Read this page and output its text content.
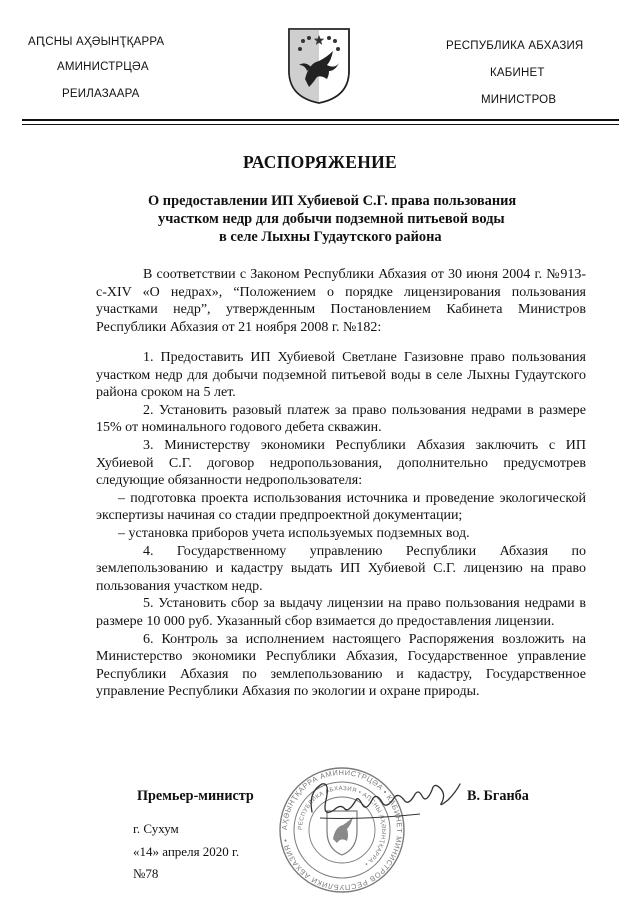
АԤСНЫ АҲӘЫНҬҚАРРА
АМИНИСТРЦӘА
РЕИЛАЗААРА
РЕСПУБЛИКА АБХАЗИЯ
КАБИНЕТ
МИНИСТРОВ
РАСПОРЯЖЕНИЕ
О предоставлении ИП Хубиевой С.Г. права пользования
участком недр для добычи подземной питьевой воды
в селе Лыхны Гудаутского района

В соответствии с Законом Республики Абхазия от 30 июня 2004 г. №913-с-XIV «О недрах», “Положением о порядке лицензирования пользования участками недр”, утвержденным Постановлением Кабинета Министров Республики Абхазия от 21 ноября 2008 г. №182:

1. Предоставить ИП Хубиевой Светлане Газизовне право пользования участком недр для добычи подземной питьевой воды в селе Лыхны Гудаутского района сроком на 5 лет.

2. Установить разовый платеж за право пользования недрами в размере 15% от номинального годового дебета скважин.

3. Министерству экономики Республики Абхазия заключить с ИП Хубиевой С.Г. договор недропользования, дополнительно предусмотрев следующие обязанности недропользователя:

– подготовка проекта использования источника и проведение экологической экспертизы начиная со стадии предпроектной документации;

– установка приборов учета используемых подземных вод.

4. Государственному управлению Республики Абхазия по землепользованию и кадастру выдать ИП Хубиевой С.Г. лицензию на право пользования участком недр.

5. Установить сбор за выдачу лицензии на право пользования недрами в размере 10 000 руб. Указанный сбор взимается до предоставления лицензии.

6. Контроль за исполнением настоящего Распоряжения возложить на Министерство экономики Республики Абхазия, Государственное управление Республики Абхазия по землепользованию и кадастру, Государственное управление Республики Абхазия по экологии и охране природы.

АҲӘЫНҬҚАРРА АМИНИСТРЦӘА • КАБИНЕТ МИНИСТРОВ РЕСПУБЛИКИ АБХАЗИЯ •
РЕСПУБЛИКА АБХАЗИЯ • АԤСНЫ АҲӘЫНҬҚАРРА •
Премьер-министр	В. Бганба
г. Сухум
«14» апреля 2020 г.
№78
